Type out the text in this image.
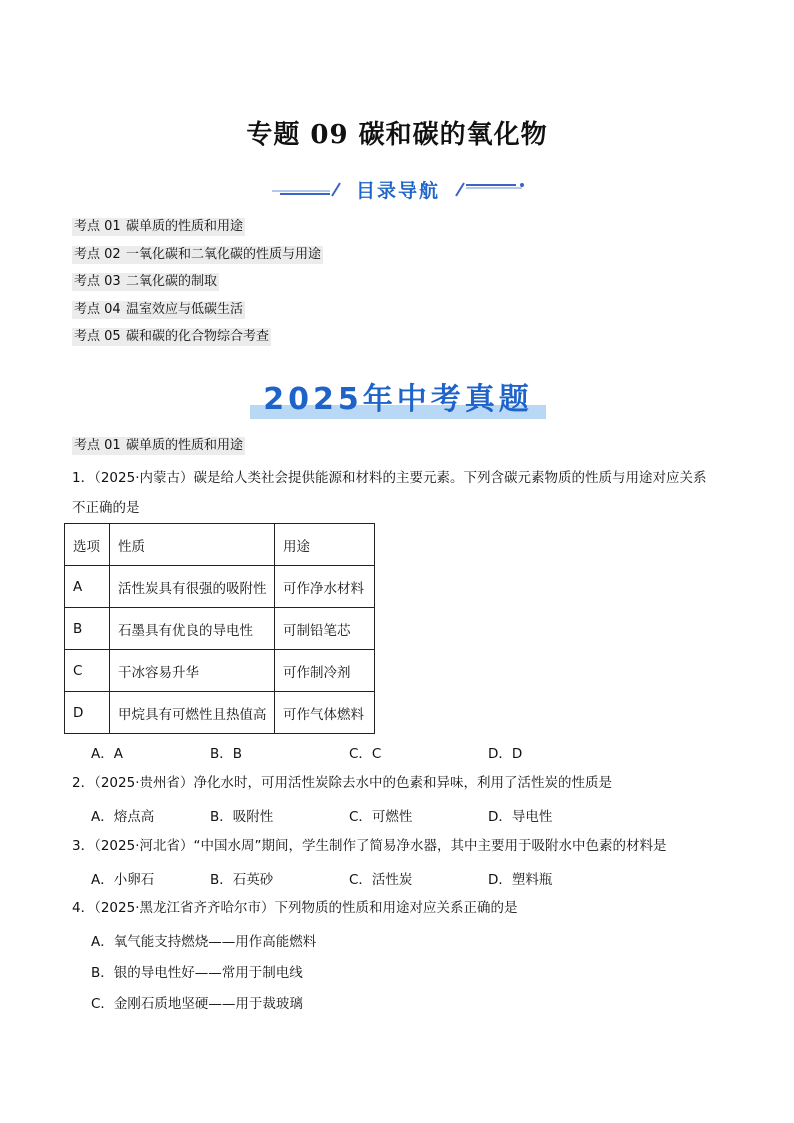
专题 09 碳和碳的氧化物
目录导航
考点 01 碳单质的性质和用途
考点 02 一氧化碳和二氧化碳的性质与用途
考点 03 二氧化碳的制取
考点 04 温室效应与低碳生活
考点 05 碳和碳的化合物综合考查
2025年中考真题
考点 01 碳单质的性质和用途
1．（2025·内蒙古）碳是给人类社会提供能源和材料的主要元素。下列含碳元素物质的性质与用途对应关系
不正确的是
选项	性质	用途
A	活性炭具有很强的吸附性	可作净水材料
B	石墨具有优良的导电性	可制铅笔芯
C	干冰容易升华	可作制冷剂
D	甲烷具有可燃性且热值高	可作气体燃料
A．A	B．B	C．C	D．D
2．（2025·贵州省）净化水时，可用活性炭除去水中的色素和异味，利用了活性炭的性质是
A．熔点高	B．吸附性	C．可燃性	D．导电性
3．（2025·河北省）“中国水周”期间，学生制作了简易净水器，其中主要用于吸附水中色素的材料是
A．小卵石	B．石英砂	C．活性炭	D．塑料瓶
4．（2025·黑龙江省齐齐哈尔市）下列物质的性质和用途对应关系正确的是
A．氧气能支持燃烧——用作高能燃料
B．银的导电性好——常用于制电线
C．金刚石质地坚硬——用于裁玻璃
